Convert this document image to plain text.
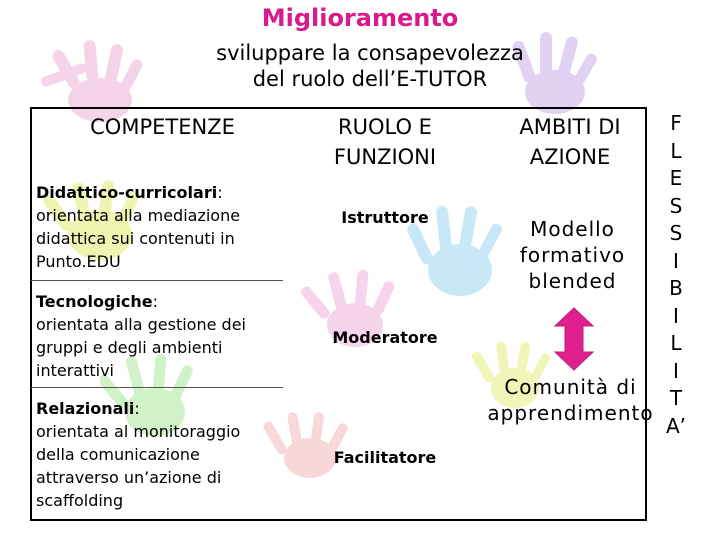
Miglioramento
sviluppare la consapevolezza
del ruolo dell’E-TUTOR
COMPETENZE	RUOLO E
FUNZIONI
AMBITI DI
AZIONE
Didattico-curricolari:
orientata alla mediazione
didattica sui contenuti in
Punto.EDU
Tecnologiche:
orientata alla gestione dei
gruppi e degli ambienti
interattivi
Relazionali:
orientata al monitoraggio
della comunicazione
attraverso un’azione di
scaffolding
Istruttore
Moderatore
Facilitatore
Modello
formativo
blended
Comunità di
apprendimento
F
L
E
S
S
I
B
I
L
I
T
A’
